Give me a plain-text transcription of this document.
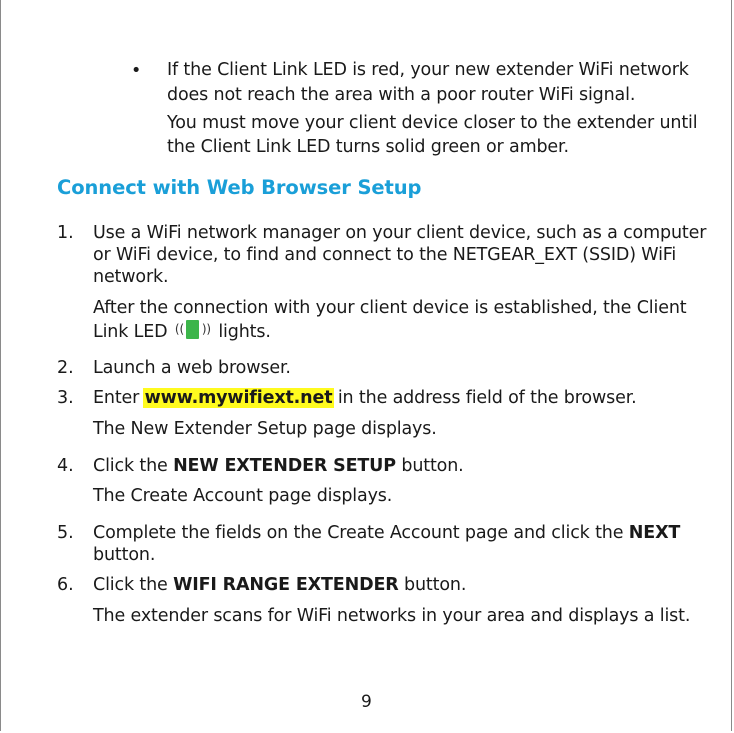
• If the Client Link LED is red, your new extender WiFi network
does not reach the area with a poor router WiFi signal.
You must move your client device closer to the extender until
the Client Link LED turns solid green or amber.
Connect with Web Browser Setup
1. Use a WiFi network manager on your client device, such as a computer
or WiFi device, to find and connect to the NETGEAR_EXT (SSID) WiFi
network.
After the connection with your client device is established, the Client
Link LED (( )) lights.
2. Launch a web browser.
3. Enter www.mywifiext.net in the address field of the browser.
The New Extender Setup page displays.
4. Click the NEW EXTENDER SETUP button.
The Create Account page displays.
5. Complete the fields on the Create Account page and click the NEXT
button.
6. Click the WIFI RANGE EXTENDER button.
The extender scans for WiFi networks in your area and displays a list.
9
